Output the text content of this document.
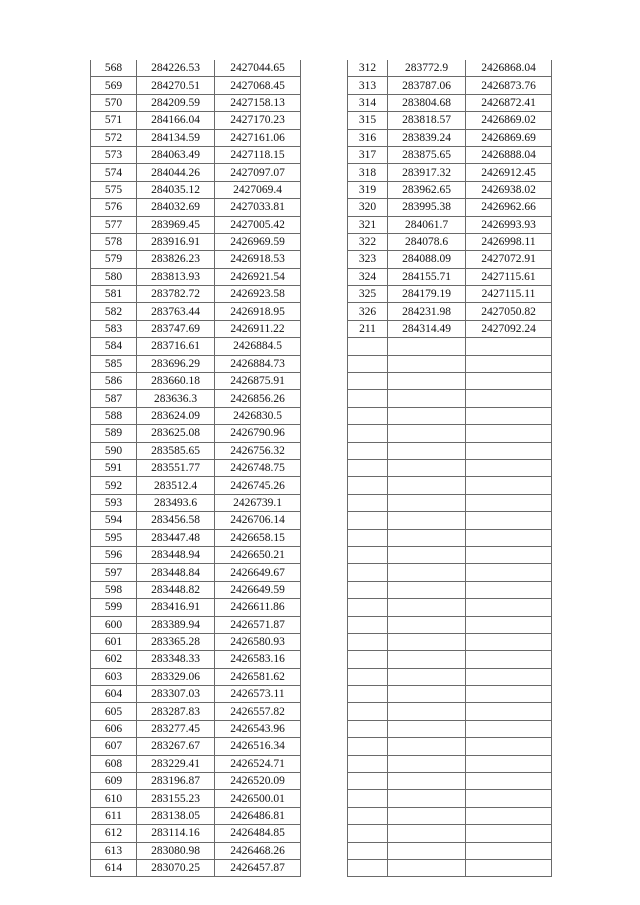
568	284226.53	2427044.65
569	284270.51	2427068.45
570	284209.59	2427158.13
571	284166.04	2427170.23
572	284134.59	2427161.06
573	284063.49	2427118.15
574	284044.26	2427097.07
575	284035.12	2427069.4
576	284032.69	2427033.81
577	283969.45	2427005.42
578	283916.91	2426969.59
579	283826.23	2426918.53
580	283813.93	2426921.54
581	283782.72	2426923.58
582	283763.44	2426918.95
583	283747.69	2426911.22
584	283716.61	2426884.5
585	283696.29	2426884.73
586	283660.18	2426875.91
587	283636.3	2426856.26
588	283624.09	2426830.5
589	283625.08	2426790.96
590	283585.65	2426756.32
591	283551.77	2426748.75
592	283512.4	2426745.26
593	283493.6	2426739.1
594	283456.58	2426706.14
595	283447.48	2426658.15
596	283448.94	2426650.21
597	283448.84	2426649.67
598	283448.82	2426649.59
599	283416.91	2426611.86
600	283389.94	2426571.87
601	283365.28	2426580.93
602	283348.33	2426583.16
603	283329.06	2426581.62
604	283307.03	2426573.11
605	283287.83	2426557.82
606	283277.45	2426543.96
607	283267.67	2426516.34
608	283229.41	2426524.71
609	283196.87	2426520.09
610	283155.23	2426500.01
611	283138.05	2426486.81
612	283114.16	2426484.85
613	283080.98	2426468.26
614	283070.25	2426457.87
312	283772.9	2426868.04
313	283787.06	2426873.76
314	283804.68	2426872.41
315	283818.57	2426869.02
316	283839.24	2426869.69
317	283875.65	2426888.04
318	283917.32	2426912.45
319	283962.65	2426938.02
320	283995.38	2426962.66
321	284061.7	2426993.93
322	284078.6	2426998.11
323	284088.09	2427072.91
324	284155.71	2427115.61
325	284179.19	2427115.11
326	284231.98	2427050.82
211	284314.49	2427092.24
